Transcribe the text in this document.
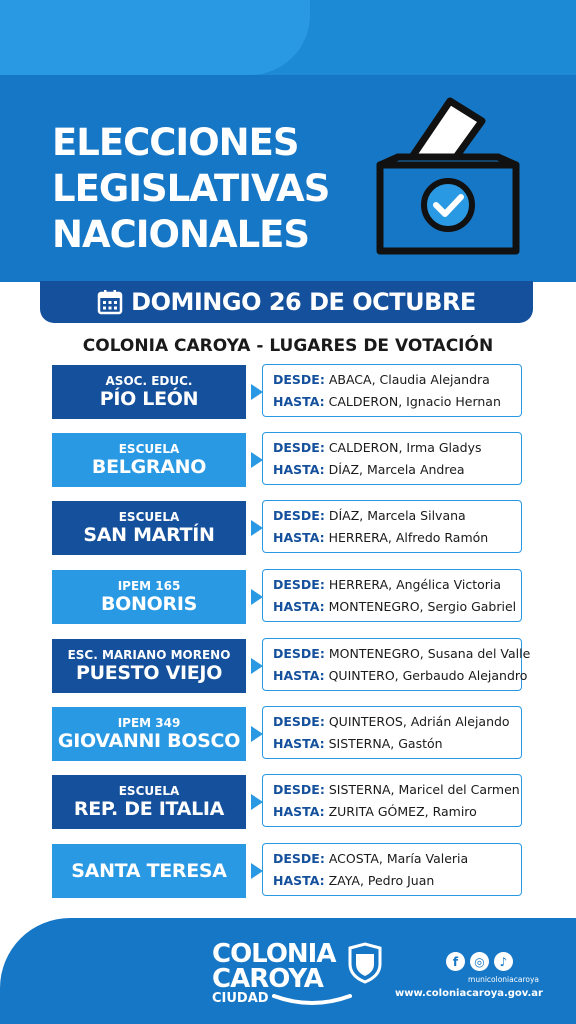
ELECCIONES
LEGISLATIVAS
NACIONALES
DOMINGO 26 DE OCTUBRE
COLONIA CAROYA - LUGARES DE VOTACIÓN
ASOC. EDUC.
PÍO LEÓN
DESDE: ABACA, Claudia Alejandra
HASTA: CALDERON, Ignacio Hernan
ESCUELA
BELGRANO
DESDE: CALDERON, Irma Gladys
HASTA: DÍAZ, Marcela Andrea
ESCUELA
SAN MARTÍN
DESDE: DÍAZ, Marcela Silvana
HASTA: HERRERA, Alfredo Ramón
IPEM 165
BONORIS
DESDE: HERRERA, Angélica Victoria
HASTA: MONTENEGRO, Sergio Gabriel
ESC. MARIANO MORENO
PUESTO VIEJO
DESDE: MONTENEGRO, Susana del Valle
HASTA: QUINTERO, Gerbaudo Alejandro
IPEM 349
GIOVANNI BOSCO
DESDE: QUINTEROS, Adrián Alejando
HASTA: SISTERNA, Gastón
ESCUELA
REP. DE ITALIA
DESDE: SISTERNA, Maricel del Carmen
HASTA: ZURITA GÓMEZ, Ramiro
SANTA TERESA
DESDE: ACOSTA, María Valeria
HASTA: ZAYA, Pedro Juan
COLONIA
CAROYA
CIUDAD
f	◎	♪
municoloniacaroya
www.coloniacaroya.gov.ar
